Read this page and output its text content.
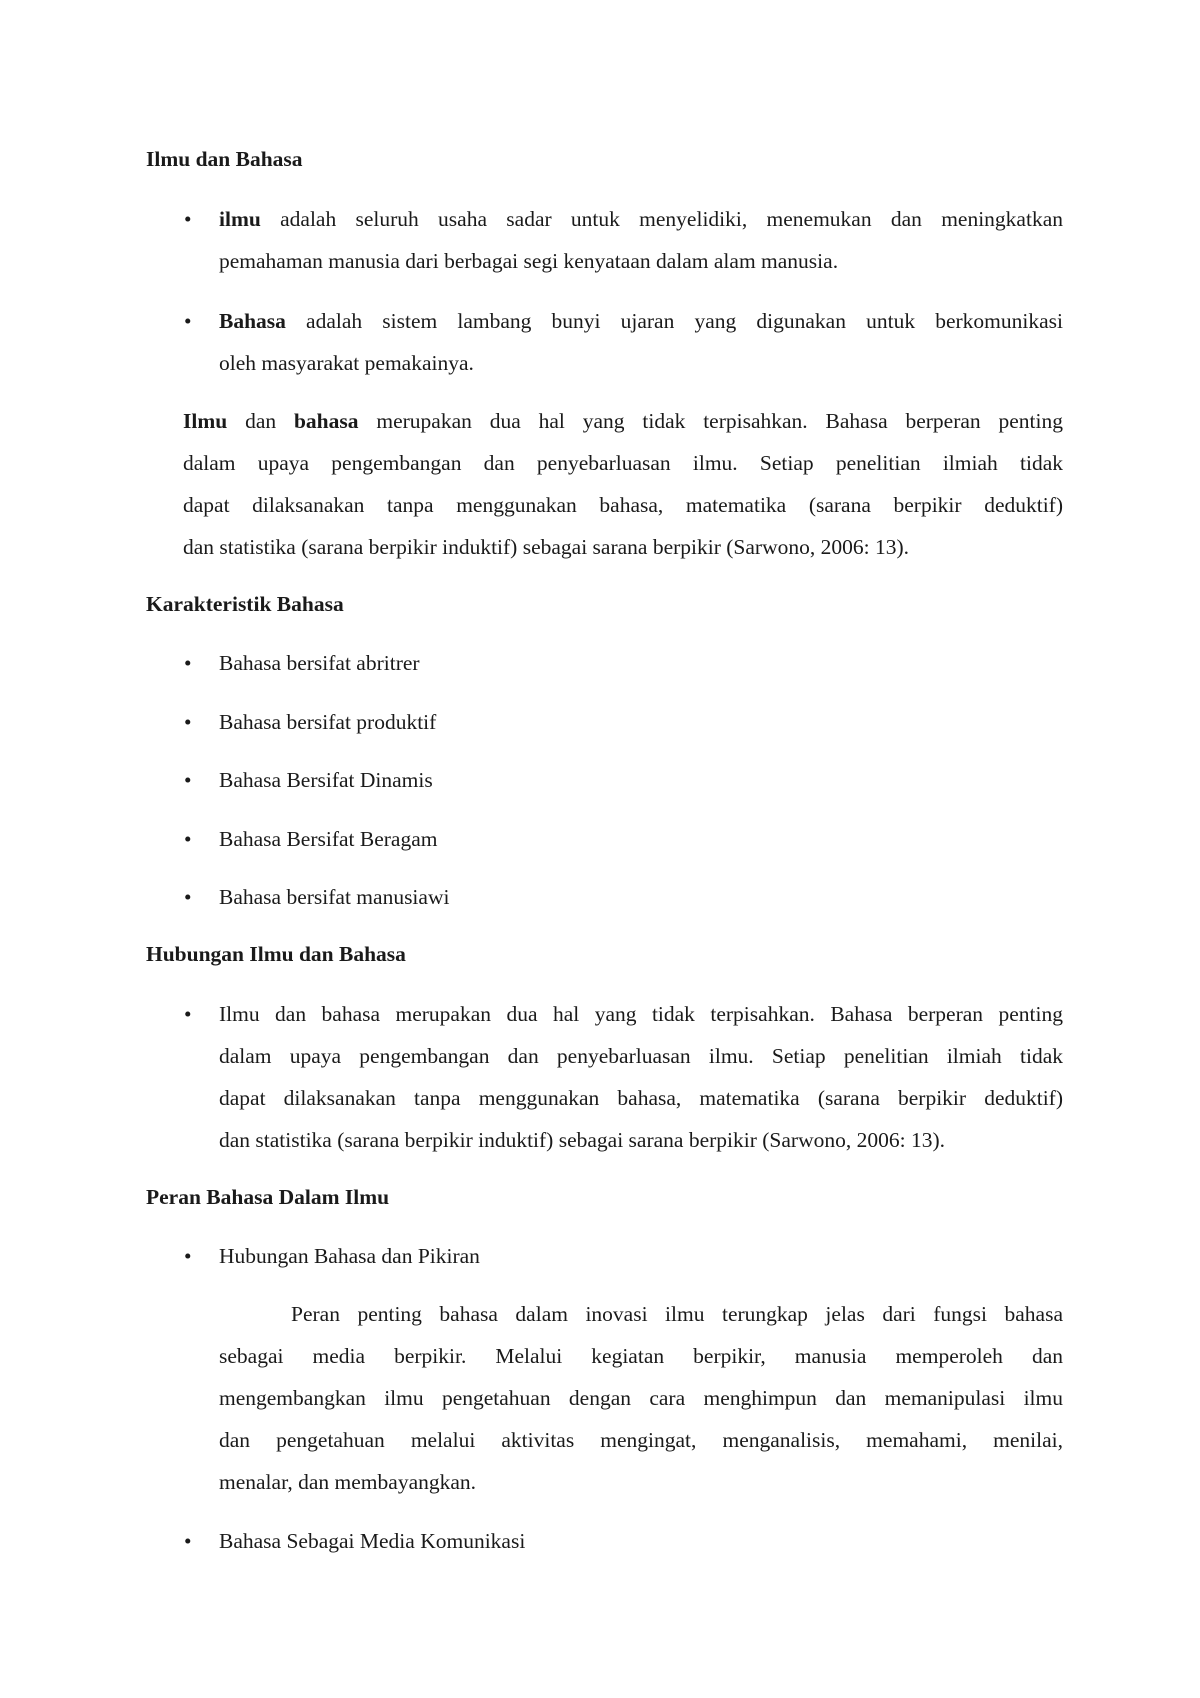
Ilmu dan Bahasa
• ilmu adalah seluruh usaha sadar untuk menyelidiki, menemukan dan meningkatkan
pemahaman manusia dari berbagai segi kenyataan dalam alam manusia.
• Bahasa adalah sistem lambang bunyi ujaran yang digunakan untuk berkomunikasi
oleh masyarakat pemakainya.
Ilmu dan bahasa merupakan dua hal yang tidak terpisahkan. Bahasa berperan penting
dalam upaya pengembangan dan penyebarluasan ilmu. Setiap penelitian ilmiah tidak
dapat dilaksanakan tanpa menggunakan bahasa, matematika (sarana berpikir deduktif)
dan statistika (sarana berpikir induktif) sebagai sarana berpikir (Sarwono, 2006: 13).
Karakteristik Bahasa
• Bahasa bersifat abritrer
• Bahasa bersifat produktif
• Bahasa Bersifat Dinamis
• Bahasa Bersifat Beragam
• Bahasa bersifat manusiawi
Hubungan Ilmu dan Bahasa
• Ilmu dan bahasa merupakan dua hal yang tidak terpisahkan. Bahasa berperan penting
dalam upaya pengembangan dan penyebarluasan ilmu. Setiap penelitian ilmiah tidak
dapat dilaksanakan tanpa menggunakan bahasa, matematika (sarana berpikir deduktif)
dan statistika (sarana berpikir induktif) sebagai sarana berpikir (Sarwono, 2006: 13).
Peran Bahasa Dalam Ilmu
• Hubungan Bahasa dan Pikiran
Peran penting bahasa dalam inovasi ilmu terungkap jelas dari fungsi bahasa
sebagai media berpikir. Melalui kegiatan berpikir, manusia memperoleh dan
mengembangkan ilmu pengetahuan dengan cara menghimpun dan memanipulasi ilmu
dan pengetahuan melalui aktivitas mengingat, menganalisis, memahami, menilai,
menalar, dan membayangkan.
• Bahasa Sebagai Media Komunikasi
